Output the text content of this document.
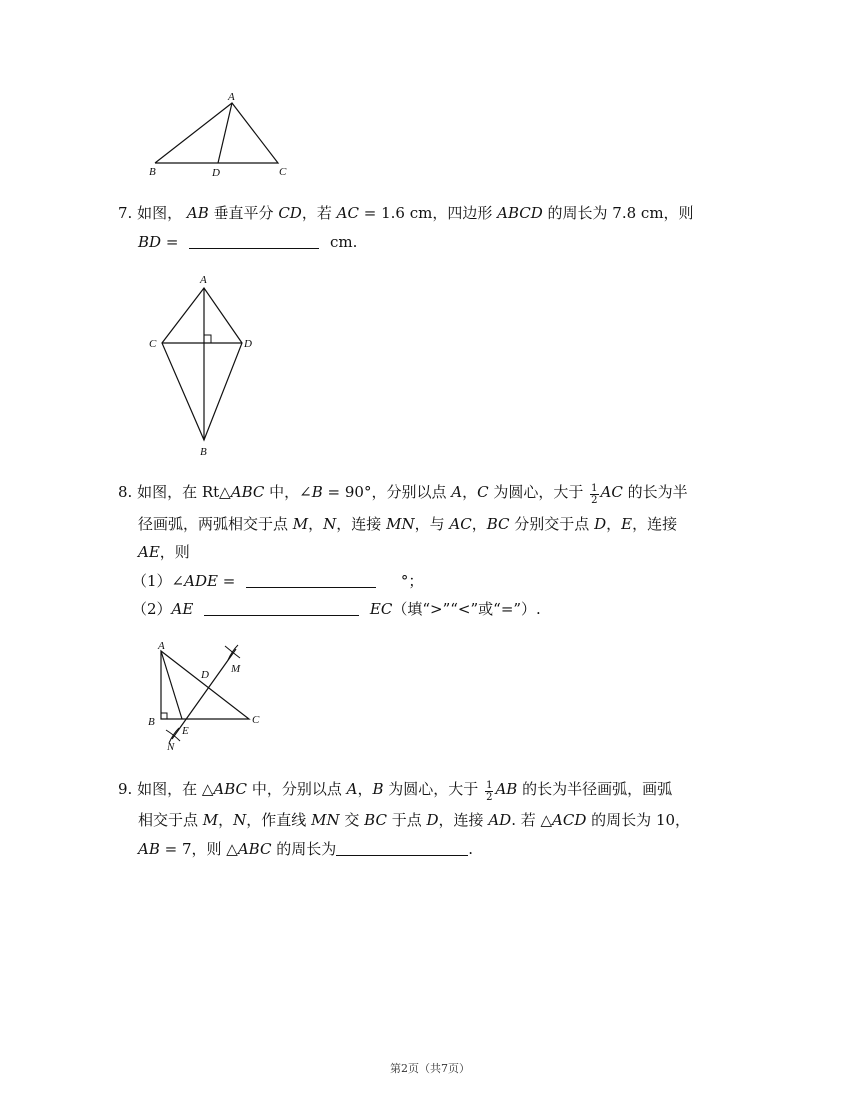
A
B	D	C
7. 如图， AB 垂直平分 CD，若 AC = 1.6 cm，四边形 ABCD 的周长为 7.8 cm，则
BD =	cm.
A
C	D
B
8. 如图，在 Rt△ABC 中，∠B = 90°，分别以点 A，C 为圆心，大于 $\frac{1}{2}$ AC 的长为半
径画弧，两弧相交于点 M，N，连接 MN，与 AC，BC 分别交于点 D，E，连接
AE，则
（1）∠ADE =	°；
（2）AE	EC（填“>”“<”或“=”）.
A
D M
B
E
C
N
9. 如图，在 △ABC 中，分别以点 A，B 为圆心，大于 $\frac{1}{2}$ AB 的长为半径画弧，画弧
相交于点 M，N，作直线 MN 交 BC 于点 D，连接 AD. 若 △ACD 的周长为 10，
AB = 7，则 △ABC 的周长为	.
第2页（共7页）
